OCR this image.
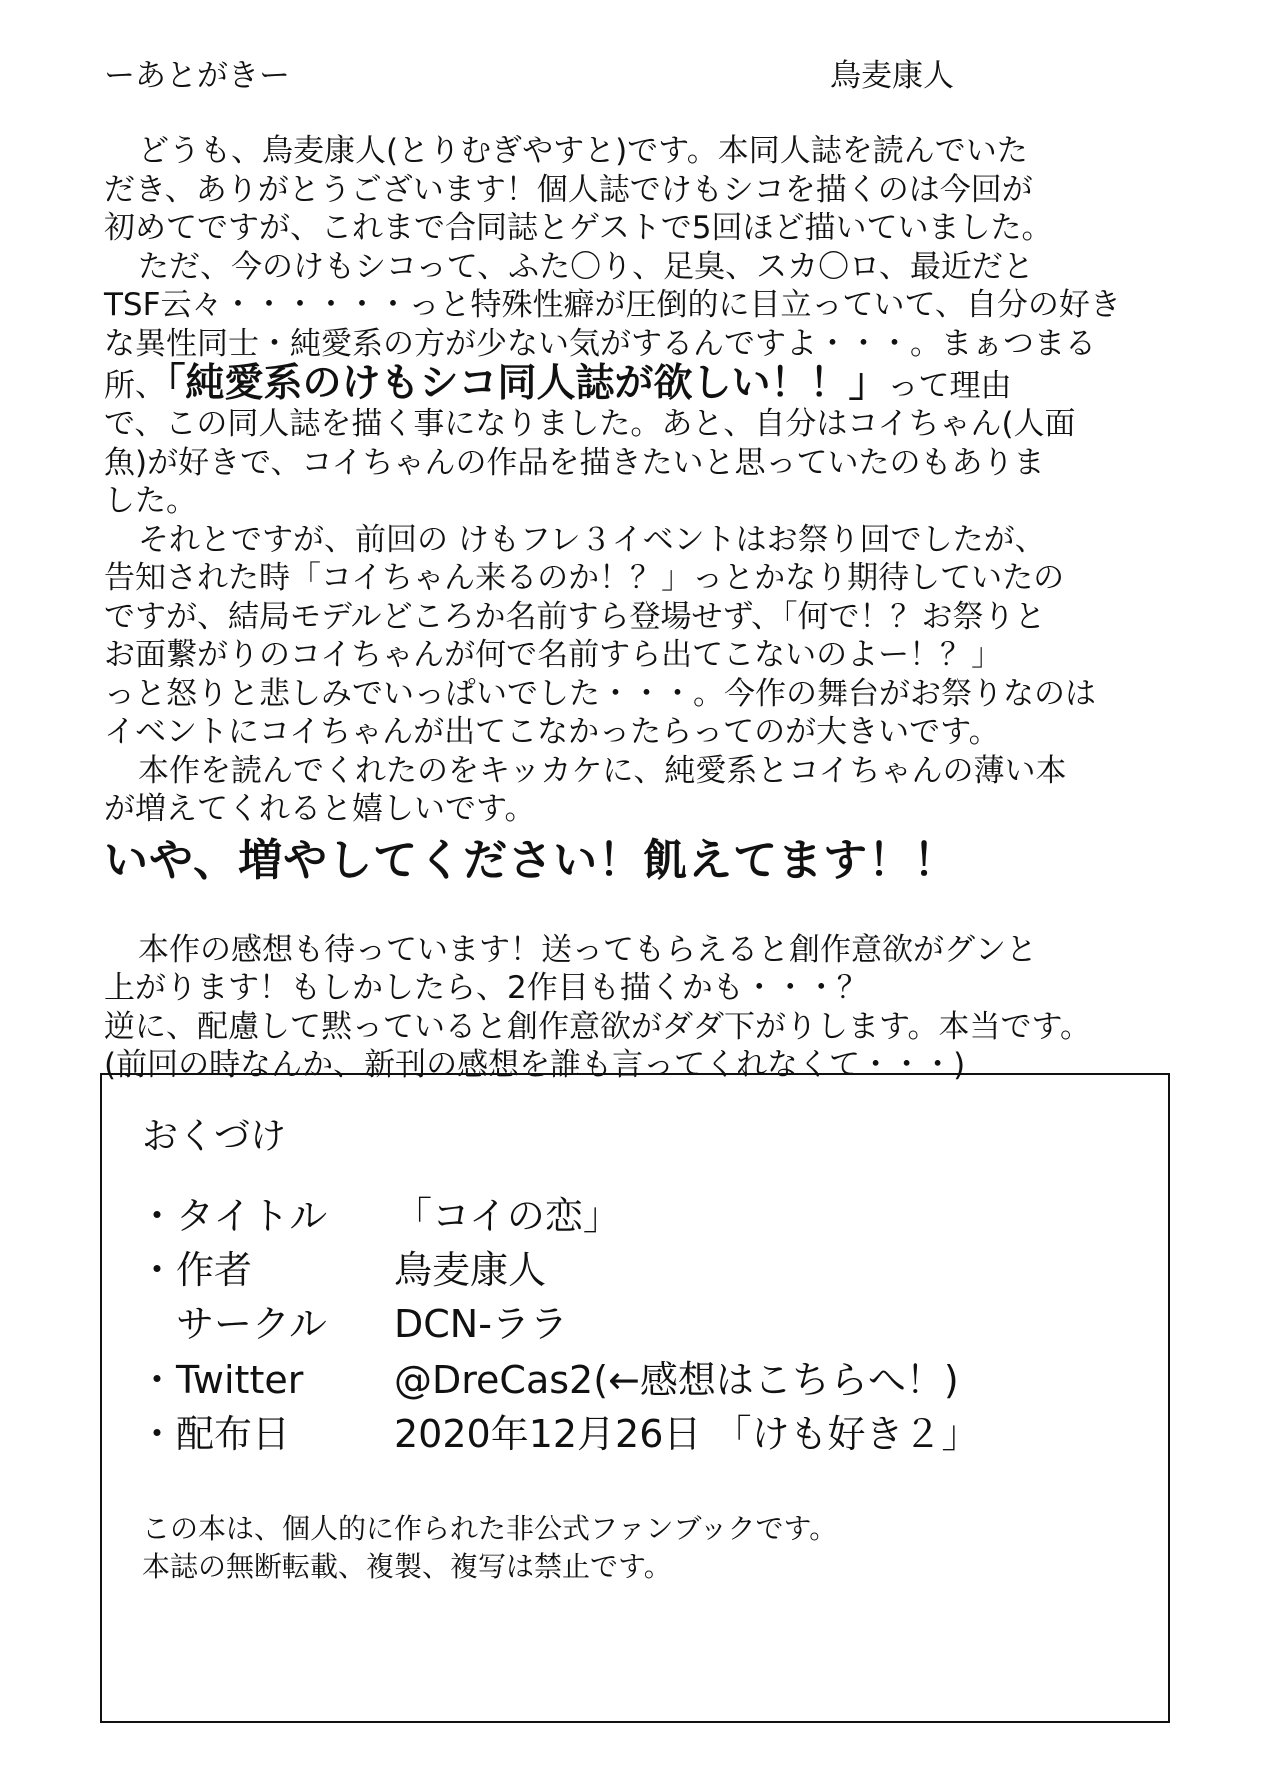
ーあとがきー	鳥麦康人
どうも、鳥麦康人(とりむぎやすと)です。本同人誌を読んでいた
だき、ありがとうございます！個人誌でけもシコを描くのは今回が
初めてですが、これまで合同誌とゲストで5回ほど描いていました。
ただ、今のけもシコって、ふた〇り、足臭、スカ〇ロ、最近だと
TSF云々・・・・・・っと特殊性癖が圧倒的に目立っていて、自分の好き
な異性同士・純愛系の方が少ない気がするんですよ・・・。まぁつまる
所、「純愛系のけもシコ同人誌が欲しい！！」って理由
で、この同人誌を描く事になりました。あと、自分はコイちゃん(人面
魚)が好きで、コイちゃんの作品を描きたいと思っていたのもありま
した。
それとですが、前回の けもフレ３イベントはお祭り回でしたが、
告知された時「コイちゃん来るのか！？」っとかなり期待していたの
ですが、結局モデルどころか名前すら登場せず、「何で！？お祭りと
お面繋がりのコイちゃんが何で名前すら出てこないのよー！？」
っと怒りと悲しみでいっぱいでした・・・。今作の舞台がお祭りなのは
イベントにコイちゃんが出てこなかったらってのが大きいです。
本作を読んでくれたのをキッカケに、純愛系とコイちゃんの薄い本
が増えてくれると嬉しいです。
いや、増やしてください！飢えてます！！
本作の感想も待っています！送ってもらえると創作意欲がグンと
上がります！もしかしたら、2作目も描くかも・・・？
逆に、配慮して黙っていると創作意欲がダダ下がりします。本当です。
(前回の時なんか、新刊の感想を誰も言ってくれなくて・・・)
おくづけ
・タイトル 「コイの恋」
・作者	鳥麦康人
サークル DCN-ララ
・Twitter @DreCas2(←感想はこちらへ！)
・配布日	2020年12月26日 「けも好き２」
この本は、個人的に作られた非公式ファンブックです。
本誌の無断転載、複製、複写は禁止です。
